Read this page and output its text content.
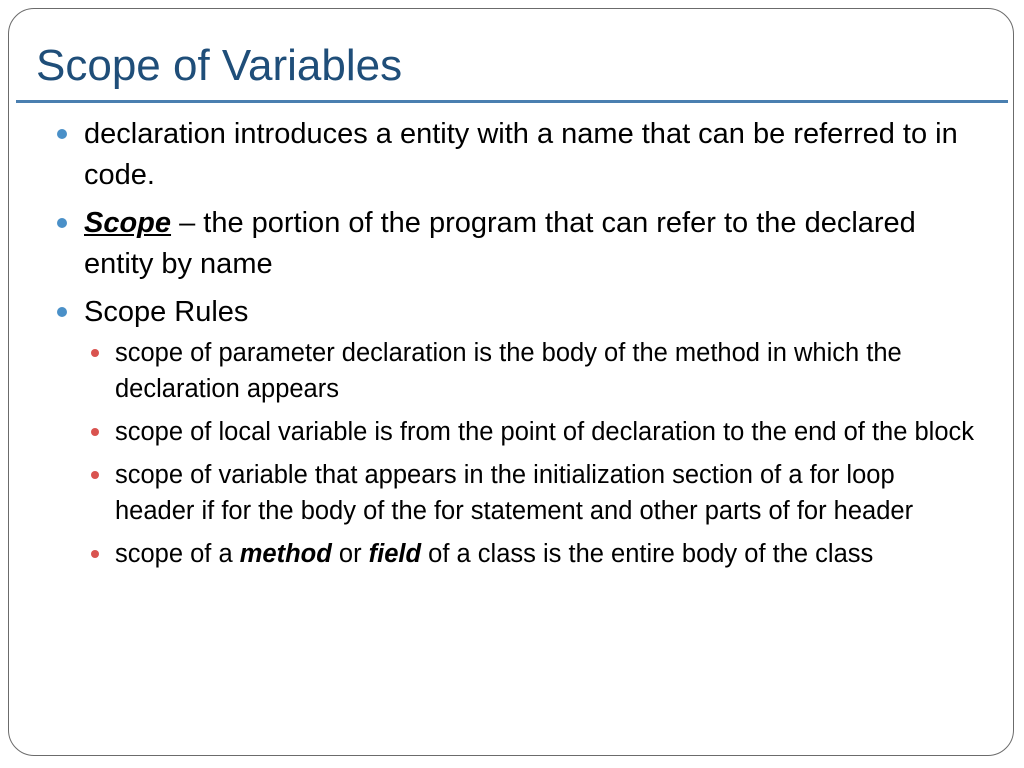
Scope of Variables
declaration introduces a entity with a name that can be referred to in code.
Scope – the portion of the program that can refer to the declared entity by name
Scope Rules
scope of parameter declaration is the body of the method in which the declaration appears
scope of local variable is from the point of declaration to the end of the block
scope of variable that appears in the initialization section of a for loop header if for the body of the for statement and other parts of for header
scope of a method or field of a class is the entire body of the class
